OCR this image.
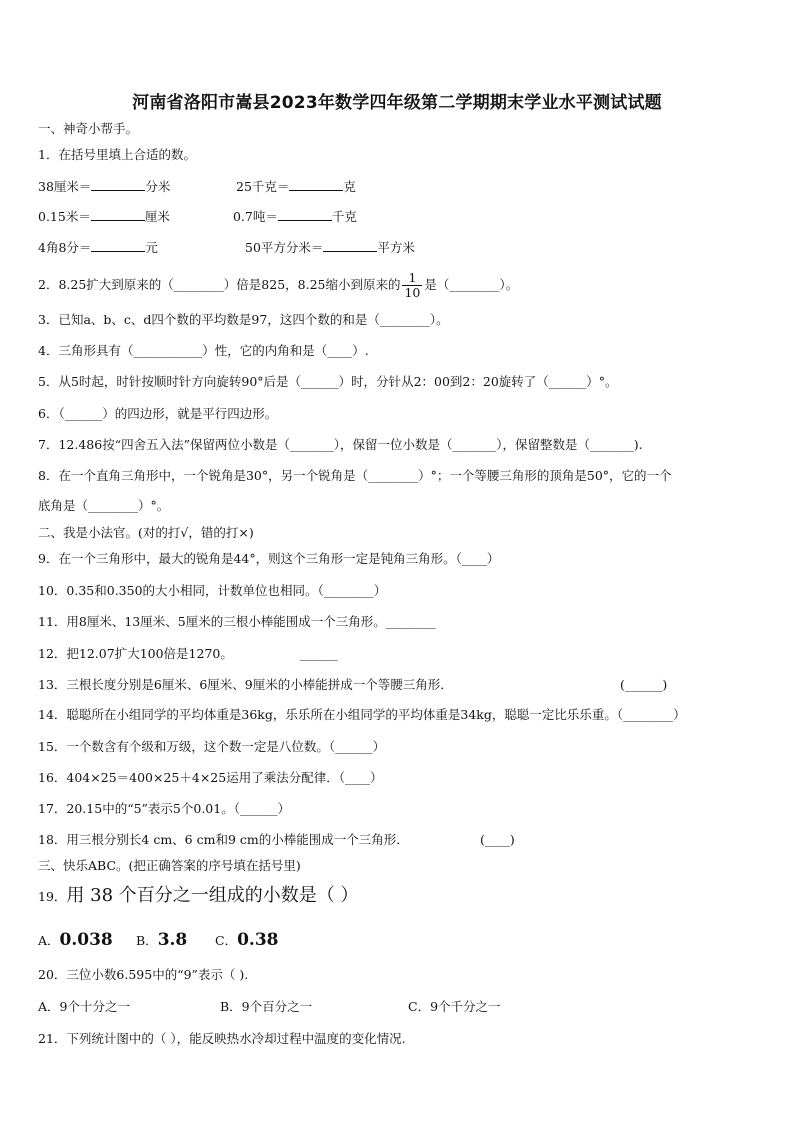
河南省洛阳市嵩县2023年数学四年级第二学期期末学业水平测试试题
一、神奇小帮手。
1．在括号里填上合适的数。
38厘米＝	分米	25千克＝	克
0.15米＝	厘米	0.7吨＝	千克
4角8分＝	元	50平方分米＝	平方米
2．8.25扩大到原来的（________）倍是825，8.25缩小到原来的 $\frac{1}{10}$ 是（________）。
3．已知a、b、c、d四个数的平均数是97，这四个数的和是（________）。
4．三角形具有（___________）性，它的内角和是（____）.
5．从5时起，时针按顺时针方向旋转90°后是（______）时，分针从2：00到2：20旋转了（______）°。
6．（______）的四边形，就是平行四边形。
7．12.486按“四舍五入法”保留两位小数是（_______），保留一位小数是（_______），保留整数是（_______).
8．在一个直角三角形中，一个锐角是30°，另一个锐角是（________）°；一个等腰三角形的顶角是50°，它的一个
底角是（________）°。
二、我是小法官。(对的打√，错的打×)
9．在一个三角形中，最大的锐角是44°，则这个三角形一定是钝角三角形。（____）
10．0.35和0.350的大小相同，计数单位也相同。（________）
11．用8厘米、13厘米、5厘米的三根小棒能围成一个三角形。________
12．把12.07扩大100倍是1270。	______
13．三根长度分别是6厘米、6厘米、9厘米的小棒能拼成一个等腰三角形．	(______)
14．聪聪所在小组同学的平均体重是36kg，乐乐所在小组同学的平均体重是34kg，聪聪一定比乐乐重。（________）
15．一个数含有个级和万级，这个数一定是八位数。（______）
16．404×25＝400×25＋4×25运用了乘法分配律．（____）
17．20.15中的“5”表示5个0.01。（______）
18．用三根分别长4 cm、6 cm和9 cm的小棒能围成一个三角形．	(____)
三、快乐ABC。(把正确答案的序号填在括号里)
19．用 38 个百分之一组成的小数是（ ）
A．0.038 B．3.8 C．0.38
20．三位小数6.595中的“9”表示（ ).
A．9个十分之一	B．9个百分之一	C．9个千分之一
21．下列统计图中的（ ），能反映热水冷却过程中温度的变化情况.
